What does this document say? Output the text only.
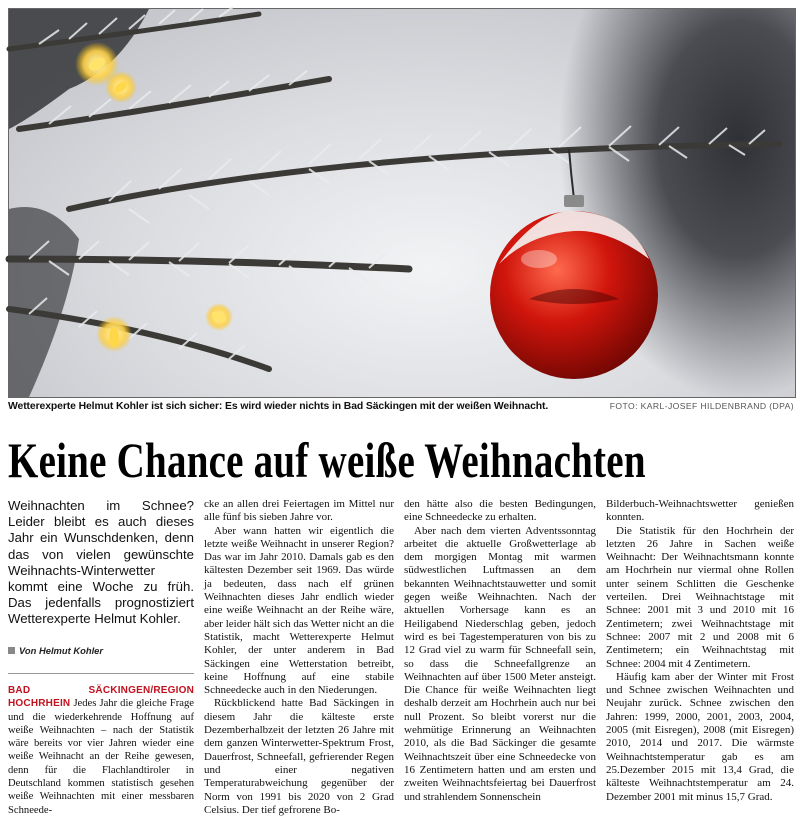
Wetterexperte Helmut Kohler ist sich sicher: Es wird wieder nichts in Bad Säckingen mit der weißen Weihnacht.	FOTO: KARL-JOSEF HILDENBRAND (DPA)
Keine Chance auf weiße Weihnachten

Weihnachten im Schnee? Leider bleibt es auch dieses Jahr ein Wunschdenken, denn das von vielen gewünschte Weihnachts-Winterwetter kommt eine Woche zu früh. Das jedenfalls prognostiziert Wetterexperte Helmut Kohler.

Von Helmut Kohler

BAD SÄCKINGEN/REGION HOCHRHEIN Jedes Jahr die gleiche Frage und die wiederkehrende Hoffnung auf weiße Weihnachten – nach der Statistik wäre bereits vor vier Jahren wieder eine weiße Weihnacht an der Reihe gewesen, denn für die Flachlandtiroler in Deutschland kommen statistisch gesehen weiße Weihnachten mit einer messbaren Schneede-

cke an allen drei Feiertagen im Mittel nur alle fünf bis sieben Jahre vor.

Aber wann hatten wir eigentlich die letzte weiße Weihnacht in unserer Region? Das war im Jahr 2010. Damals gab es den kältesten Dezember seit 1969. Das würde ja bedeuten, dass nach elf grünen Weihnachten dieses Jahr endlich wieder eine weiße Weihnacht an der Reihe wäre, aber leider hält sich das Wetter nicht an die Statistik, macht Wetterexperte Helmut Kohler, der unter anderem in Bad Säckingen eine Wetterstation betreibt, keine Hoffnung auf eine stabile Schneedecke auch in den Niederungen.

Rückblickend hatte Bad Säckingen in diesem Jahr die kälteste erste Dezemberhalbzeit der letzten 26 Jahre mit dem ganzen Winterwetter-Spektrum Frost, Dauerfrost, Schneefall, gefrierender Regen und einer negativen Temperaturabweichung gegenüber der Norm von 1991 bis 2020 von 2 Grad Celsius. Der tief gefrorene Bo-

den hätte also die besten Bedingungen, eine Schneedecke zu erhalten.

Aber nach dem vierten Adventssonntag arbeitet die aktuelle Großwetterlage ab dem morgigen Montag mit warmen südwestlichen Luftmassen an dem bekannten Weihnachtstauwetter und somit gegen weiße Weihnachten. Nach der aktuellen Vorhersage kann es an Heiligabend Niederschlag geben, jedoch wird es bei Tagestemperaturen von bis zu 12 Grad viel zu warm für Schneefall sein, so dass die Schneefallgrenze an Weihnachten auf über 1500 Meter ansteigt. Die Chance für weiße Weihnachten liegt deshalb derzeit am Hochrhein auch nur bei null Prozent. So bleibt vorerst nur die wehmütige Erinnerung an Weihnachten 2010, als die Bad Säckinger die gesamte Weihnachtszeit über eine Schneedecke von 16 Zentimetern hatten und am ersten und zweiten Weihnachtsfeiertag bei Dauerfrost und strahlendem Sonnenschein

Bilderbuch-Weihnachtswetter genießen konnten.

Die Statistik für den Hochrhein der letzten 26 Jahre in Sachen weiße Weihnacht: Der Weihnachtsmann konnte am Hochrhein nur viermal ohne Rollen unter seinem Schlitten die Geschenke verteilen. Drei Weihnachtstage mit Schnee: 2001 mit 3 und 2010 mit 16 Zentimetern; zwei Weihnachtstage mit Schnee: 2007 mit 2 und 2008 mit 6 Zentimetern; ein Weihnachtstag mit Schnee: 2004 mit 4 Zentimetern.

Häufig kam aber der Winter mit Frost und Schnee zwischen Weihnachten und Neujahr zurück. Schnee zwischen den Jahren: 1999, 2000, 2001, 2003, 2004, 2005 (mit Eisregen), 2008 (mit Eisregen) 2010, 2014 und 2017. Die wärmste Weihnachtstemperatur gab es am 25.Dezember 2015 mit 13,4 Grad, die kälteste Weihnachtstemperatur am 24. Dezember 2001 mit minus 15,7 Grad.
